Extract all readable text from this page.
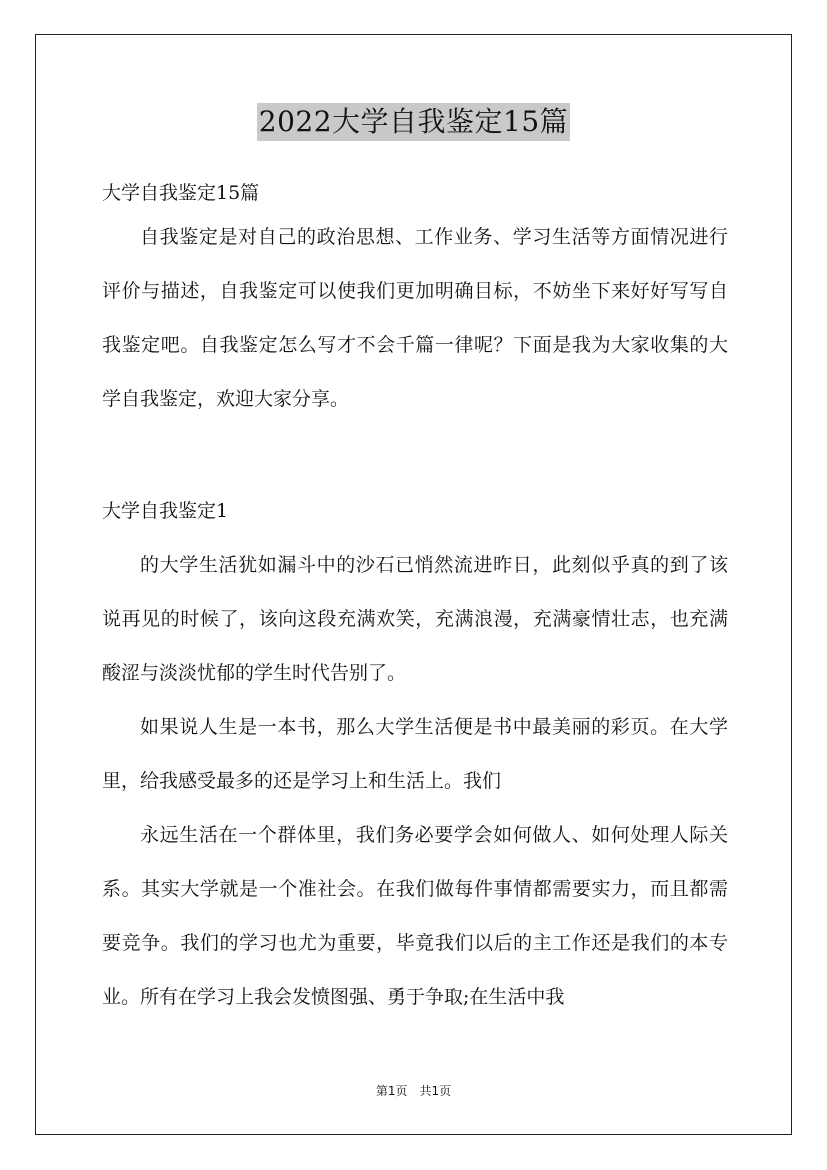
2022大学自我鉴定15篇

大学自我鉴定15篇

自我鉴定是对自己的政治思想、工作业务、学习生活等方面情况进行评价与描述，自我鉴定可以使我们更加明确目标，不妨坐下来好好写写自我鉴定吧。自我鉴定怎么写才不会千篇一律呢？下面是我为大家收集的大学自我鉴定，欢迎大家分享。

大学自我鉴定1

的大学生活犹如漏斗中的沙石已悄然流进昨日，此刻似乎真的到了该说再见的时候了，该向这段充满欢笑，充满浪漫，充满豪情壮志，也充满酸涩与淡淡忧郁的学生时代告别了。

如果说人生是一本书，那么大学生活便是书中最美丽的彩页。在大学里，给我感受最多的还是学习上和生活上。我们

永远生活在一个群体里，我们务必要学会如何做人、如何处理人际关系。其实大学就是一个准社会。在我们做每件事情都需要实力，而且都需要竞争。我们的学习也尤为重要，毕竟我们以后的主工作还是我们的本专业。所有在学习上我会发愤图强、勇于争取;在生活中我

第1页　共1页
